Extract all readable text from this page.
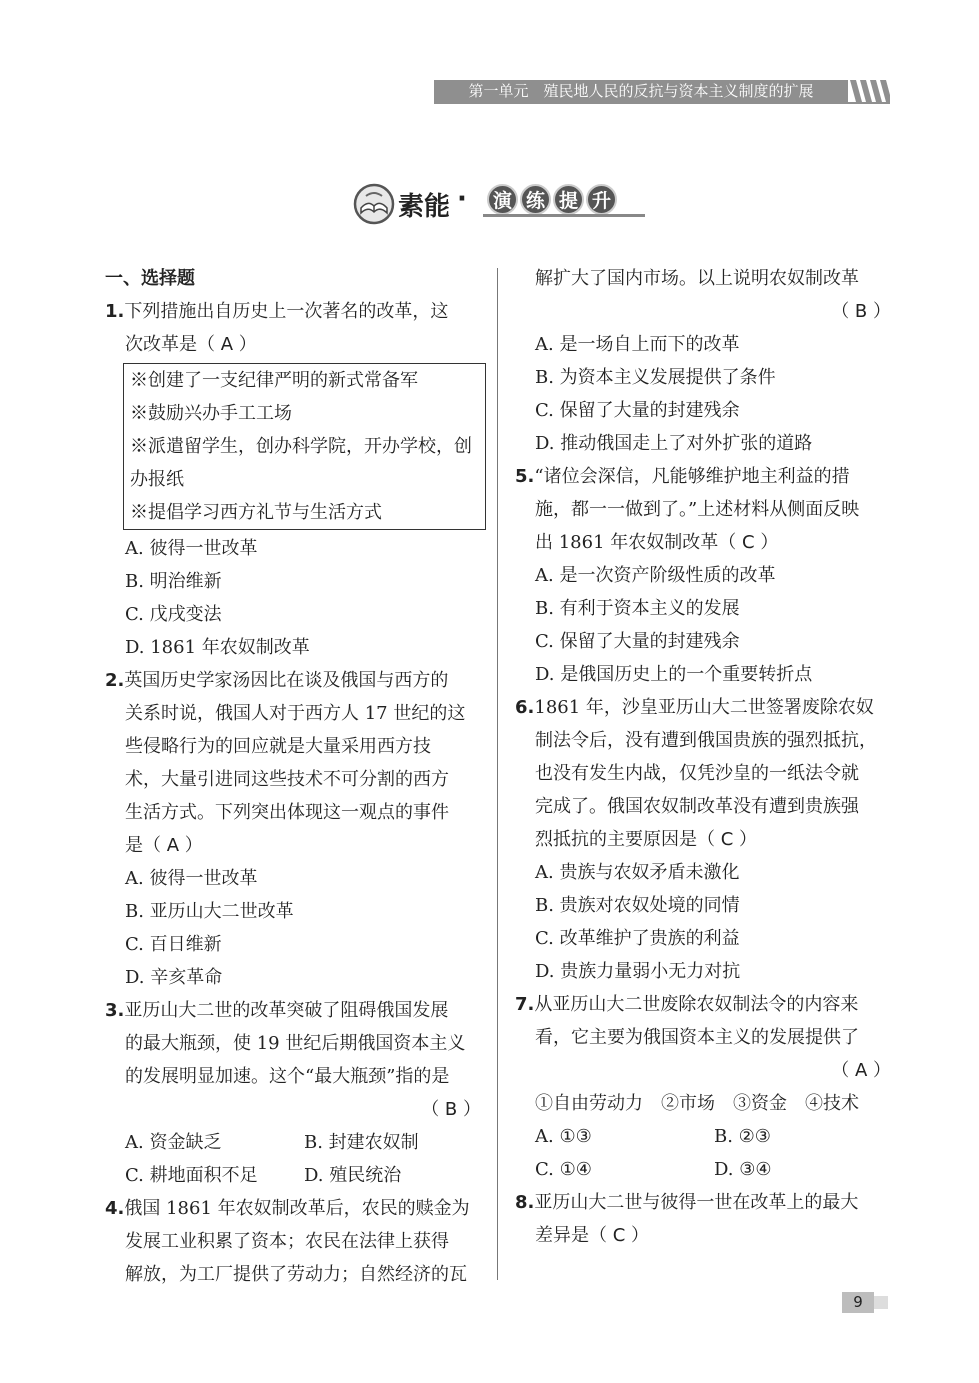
第一单元　殖民地人民的反抗与资本主义制度的扩展
素能 ·	演 练 提 升
一、选择题
1.下列措施出自历史上一次著名的改革，这
次改革是（ A ）
※创建了一支纪律严明的新式常备军
※鼓励兴办手工工场
※派遣留学生，创办科学院，开办学校，创
办报纸
※提倡学习西方礼节与生活方式
A. 彼得一世改革
B. 明治维新
C. 戊戌变法
D. 1861 年农奴制改革
2.英国历史学家汤因比在谈及俄国与西方的
关系时说，俄国人对于西方人 17 世纪的这
些侵略行为的回应就是大量采用西方技
术，大量引进同这些技术不可分割的西方
生活方式。下列突出体现这一观点的事件
是（ A ）
A. 彼得一世改革
B. 亚历山大二世改革
C. 百日维新
D. 辛亥革命
3.亚历山大二世的改革突破了阻碍俄国发展
的最大瓶颈，使 19 世纪后期俄国资本主义
的发展明显加速。这个“最大瓶颈”指的是
（ B ）
A. 资金缺乏	B. 封建农奴制
C. 耕地面积不足	D. 殖民统治
4.俄国 1861 年农奴制改革后，农民的赎金为
发展工业积累了资本；农民在法律上获得
解放，为工厂提供了劳动力；自然经济的瓦
解扩大了国内市场。以上说明农奴制改革
（ B ）
A. 是一场自上而下的改革
B. 为资本主义发展提供了条件
C. 保留了大量的封建残余
D. 推动俄国走上了对外扩张的道路
5.“诸位会深信，凡能够维护地主利益的措
施，都一一做到了。”上述材料从侧面反映
出 1861 年农奴制改革（ C ）
A. 是一次资产阶级性质的改革
B. 有利于资本主义的发展
C. 保留了大量的封建残余
D. 是俄国历史上的一个重要转折点
6.1861 年，沙皇亚历山大二世签署废除农奴
制法令后，没有遭到俄国贵族的强烈抵抗，
也没有发生内战，仅凭沙皇的一纸法令就
完成了。俄国农奴制改革没有遭到贵族强
烈抵抗的主要原因是（ C ）
A. 贵族与农奴矛盾未激化
B. 贵族对农奴处境的同情
C. 改革维护了贵族的利益
D. 贵族力量弱小无力对抗
7.从亚历山大二世废除农奴制法令的内容来
看，它主要为俄国资本主义的发展提供了
（ A ）
①自由劳动力　②市场　③资金　④技术
A. ①③	B. ②③
C. ①④	D. ③④
8.亚历山大二世与彼得一世在改革上的最大
差异是（ C ）
9
